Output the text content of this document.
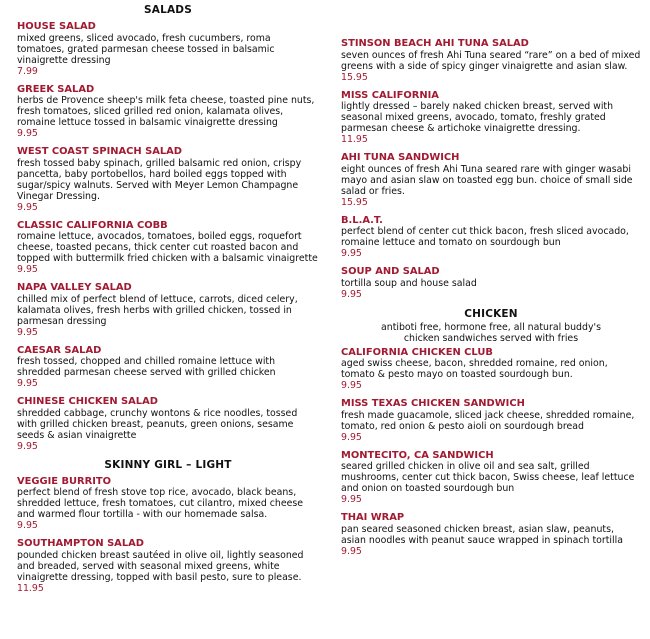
SALADS
HOUSE SALAD
mixed greens, sliced avocado, fresh cucumbers, roma tomatoes, grated parmesan cheese tossed in balsamic vinaigrette dressing
7.99
GREEK SALAD
herbs de Provence sheep's milk feta cheese, toasted pine nuts, fresh tomatoes, sliced grilled red onion, kalamata olives, romaine lettuce tossed in balsamic vinaigrette dressing
9.95
WEST COAST SPINACH SALAD
fresh tossed baby spinach, grilled balsamic red onion, crispy pancetta, baby portobellos, hard boiled eggs topped with sugar/spicy walnuts. Served with Meyer Lemon Champagne Vinegar Dressing.
9.95
CLASSIC CALIFORNIA COBB
romaine lettuce, avocados, tomatoes, boiled eggs, roquefort cheese, toasted pecans, thick center cut roasted bacon and topped with buttermilk fried chicken with a balsamic vinaigrette
9.95
NAPA VALLEY SALAD
chilled mix of perfect blend of lettuce, carrots, diced celery, kalamata olives, fresh herbs with grilled chicken, tossed in parmesan dressing
9.95
CAESAR SALAD
fresh tossed, chopped and chilled romaine lettuce with shredded parmesan cheese served with grilled chicken
9.95
CHINESE CHICKEN SALAD
shredded cabbage, crunchy wontons & rice noodles, tossed with grilled chicken breast, peanuts, green onions, sesame seeds & asian vinaigrette
9.95
SKINNY GIRL – LIGHT
VEGGIE BURRITO
perfect blend of fresh stove top rice, avocado, black beans, shredded lettuce, fresh tomatoes, cut cilantro, mixed cheese and warmed flour tortilla - with our homemade salsa.
9.95
SOUTHAMPTON SALAD
pounded chicken breast sautéed in olive oil, lightly seasoned and breaded, served with seasonal mixed greens, white vinaigrette dressing, topped with basil pesto, sure to please.
11.95
STINSON BEACH AHI TUNA SALAD
seven ounces of fresh Ahi Tuna seared “rare” on a bed of mixed greens with a side of spicy ginger vinaigrette and asian slaw.
15.95
MISS CALIFORNIA
lightly dressed – barely naked chicken breast, served with seasonal mixed greens, avocado, tomato, freshly grated parmesan cheese & artichoke vinaigrette dressing.
11.95
AHI TUNA SANDWICH
eight ounces of fresh Ahi Tuna seared rare with ginger wasabi mayo and asian slaw on toasted egg bun. choice of small side salad or fries.
15.95
B.L.A.T.
perfect blend of center cut thick bacon, fresh sliced avocado, romaine lettuce and tomato on sourdough bun
9.95
SOUP AND SALAD
tortilla soup and house salad
9.95
CHICKEN
antiboti free, hormone free, all natural buddy's chicken sandwiches served with fries
CALIFORNIA CHICKEN CLUB
aged swiss cheese, bacon, shredded romaine, red onion, tomato & pesto mayo on toasted sourdough bun.
9.95
MISS TEXAS CHICKEN SANDWICH
fresh made guacamole, sliced jack cheese, shredded romaine, tomato, red onion & pesto aioli on sourdough bread
9.95
MONTECITO, CA SANDWICH
seared grilled chicken in olive oil and sea salt, grilled mushrooms, center cut thick bacon, Swiss cheese, leaf lettuce and onion on toasted sourdough bun
9.95
THAI WRAP
pan seared seasoned chicken breast, asian slaw, peanuts, asian noodles with peanut sauce wrapped in spinach tortilla
9.95
